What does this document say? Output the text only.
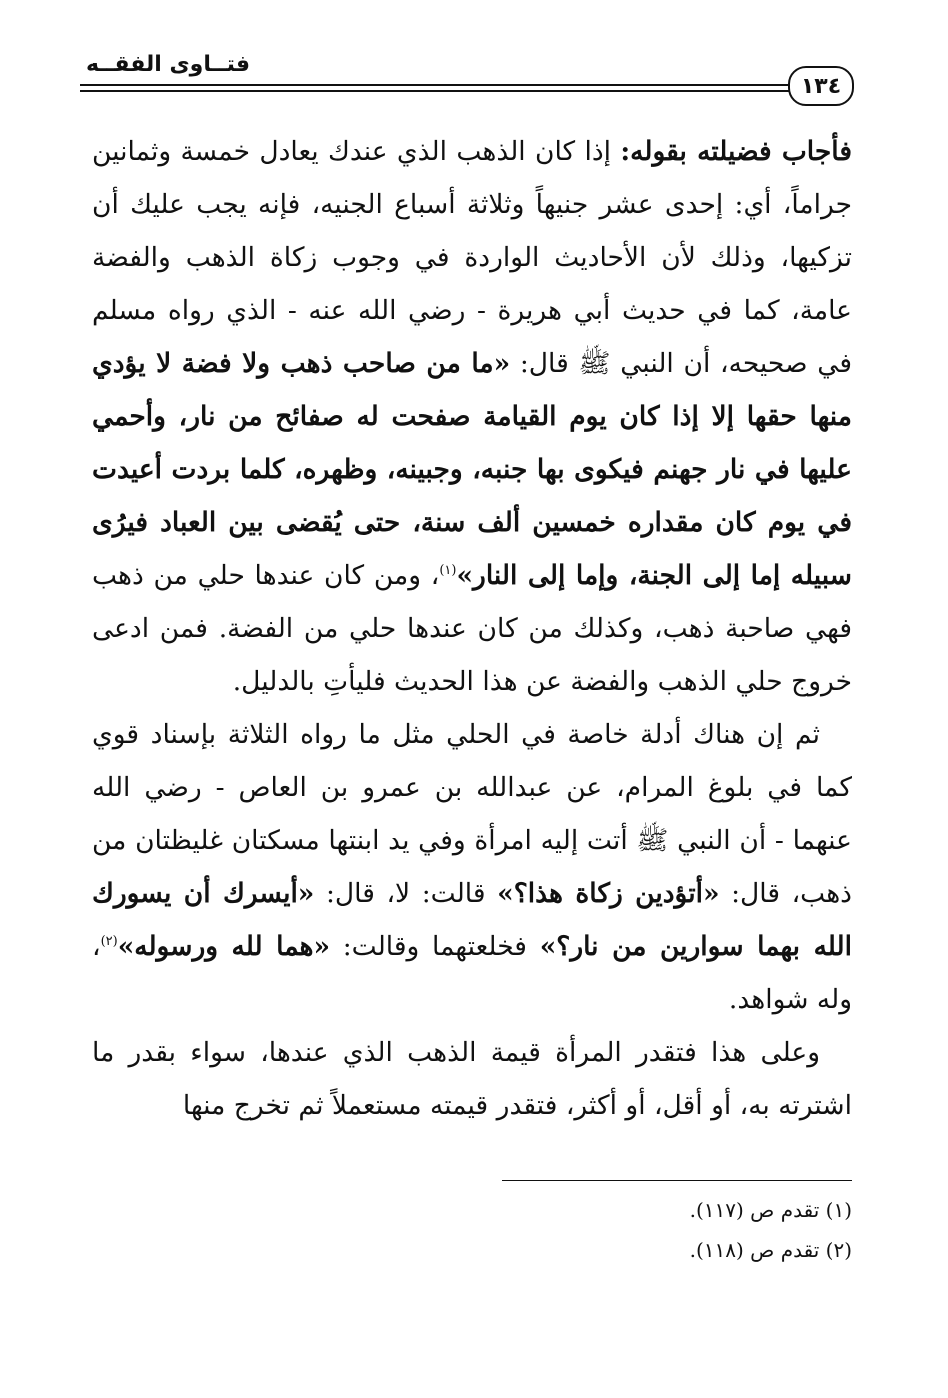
فتــاوى الفقــه
١٣٤

فأجاب فضيلته بقوله: إذا كان الذهب الذي عندك يعادل خمسة وثمانين جراماً، أي: إحدى عشر جنيهاً وثلاثة أسباع الجنيه، فإنه يجب عليك أن تزكيها، وذلك لأن الأحاديث الواردة في وجوب زكاة الذهب والفضة عامة، كما في حديث أبي هريرة - رضي الله عنه - الذي رواه مسلم في صحيحه، أن النبي ﷺ قال: «ما من صاحب ذهب ولا فضة لا يؤدي منها حقها إلا إذا كان يوم القيامة صفحت له صفائح من نار، وأحمي عليها في نار جهنم فيكوى بها جنبه، وجبينه، وظهره، كلما بردت أعيدت في يوم كان مقداره خمسين ألف سنة، حتى يُقضى بين العباد فيرُى سبيله إما إلى الجنة، وإما إلى النار»$^{(١)}$، ومن كان عندها حلي من ذهب فهي صاحبة ذهب، وكذلك من كان عندها حلي من الفضة. فمن ادعى خروج حلي الذهب والفضة عن هذا الحديث فليأتِ بالدليل.

ثم إن هناك أدلة خاصة في الحلي مثل ما رواه الثلاثة بإسناد قوي كما في بلوغ المرام، عن عبدالله بن عمرو بن العاص - رضي الله عنهما - أن النبي ﷺ أتت إليه امرأة وفي يد ابنتها مسكتان غليظتان من ذهب، قال: «أتؤدين زكاة هذا؟» قالت: لا، قال: «أيسرك أن يسورك الله بهما سوارين من نار؟» فخلعتهما وقالت: «هما لله ورسوله»$^{(٢)}$، وله شواهد.

وعلى هذا فتقدر المرأة قيمة الذهب الذي عندها، سواء بقدر ما اشترته به، أو أقل، أو أكثر، فتقدر قيمته مستعملاً ثم تخرج منها

(١) تقدم ص (١١٧).
(٢) تقدم ص (١١٨).
